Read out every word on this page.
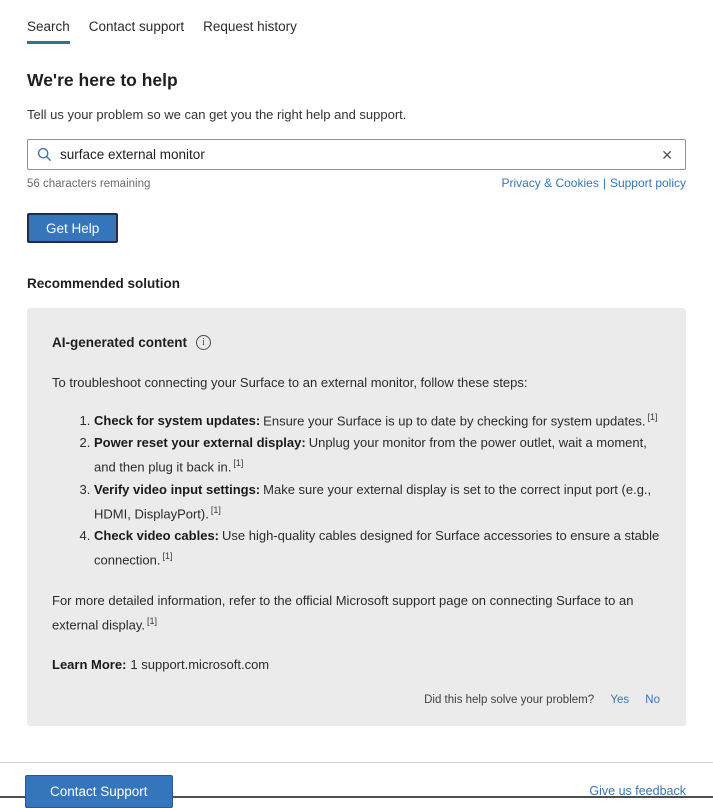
Search Contact support Request history
We're here to help

Tell us your problem so we can get you the right help and support.

surface external monitor
✕
56 characters remaining	Privacy & Cookies | Support policy
Get Help
Recommended solution
AI-generated content	i

To troubleshoot connecting your Surface to an external monitor, follow these steps:

1. Check for system updates: Ensure your Surface is up to date by checking for system updates. [1]
2. Power reset your external display: Unplug your monitor from the power outlet, wait a moment, and then plug it back in. [1]
3. Verify video input settings: Make sure your external display is set to the correct input port (e.g., HDMI, DisplayPort). [1]
4. Check video cables: Use high-quality cables designed for Surface accessories to ensure a stable connection. [1]

For more detailed information, refer to the official Microsoft support page on connecting Surface to an external display. [1]

Learn More: 1 support.microsoft.com

Did this help solve your problem? Yes No
Contact Support	Give us feedback
